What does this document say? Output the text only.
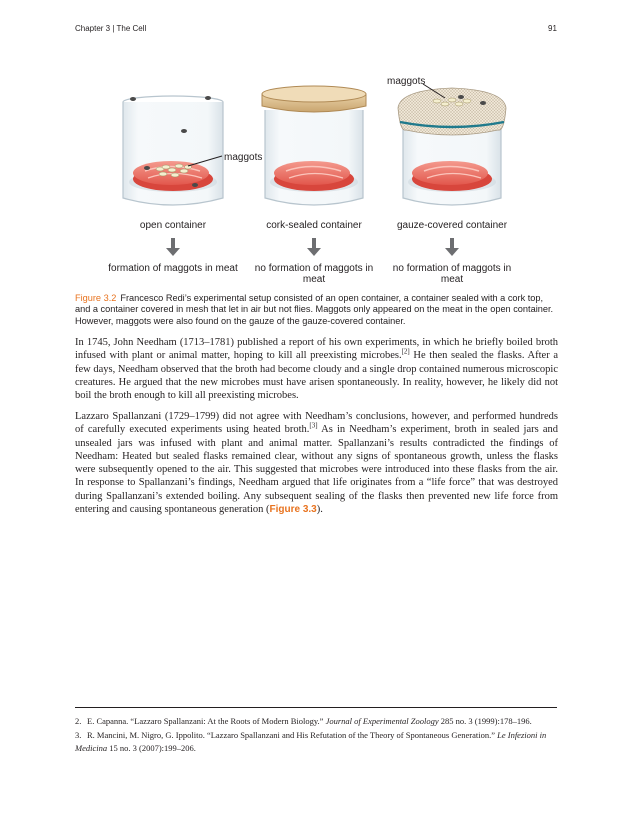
Chapter 3 | The Cell	91
maggots
maggots
open container	cork-sealed container	gauze-covered container
formation of maggots in meat	no formation of maggots in meat
no formation of maggots in meat
Figure 3.2 Francesco Redi’s experimental setup consisted of an open container, a container sealed with a cork top, and a container covered in mesh that let in air but not flies. Maggots only appeared on the meat in the open container. However, maggots were also found on the gauze of the gauze-covered container.

In 1745, John Needham (1713–1781) published a report of his own experiments, in which he briefly boiled broth infused with plant or animal matter, hoping to kill all preexisting microbes.[2] He then sealed the flasks. After a few days, Needham observed that the broth had become cloudy and a single drop contained numerous microscopic creatures. He argued that the new microbes must have arisen spontaneously. In reality, however, he likely did not boil the broth enough to kill all preexisting microbes.

Lazzaro Spallanzani (1729–1799) did not agree with Needham’s conclusions, however, and performed hundreds of carefully executed experiments using heated broth.[3] As in Needham’s experiment, broth in sealed jars and unsealed jars was infused with plant and animal matter. Spallanzani’s results contradicted the findings of Needham: Heated but sealed flasks remained clear, without any signs of spontaneous growth, unless the flasks were subsequently opened to the air. This suggested that microbes were introduced into these flasks from the air. In response to Spallanzani’s findings, Needham argued that life originates from a “life force” that was destroyed during Spallanzani’s extended boiling. Any subsequent sealing of the flasks then prevented new life force from entering and causing spontaneous generation (Figure 3.3).

2. E. Capanna. “Lazzaro Spallanzani: At the Roots of Modern Biology.” Journal of Experimental Zoology 285 no. 3 (1999):178–196.
3. R. Mancini, M. Nigro, G. Ippolito. “Lazzaro Spallanzani and His Refutation of the Theory of Spontaneous Generation.” Le Infezioni in Medicina 15 no. 3 (2007):199–206.
